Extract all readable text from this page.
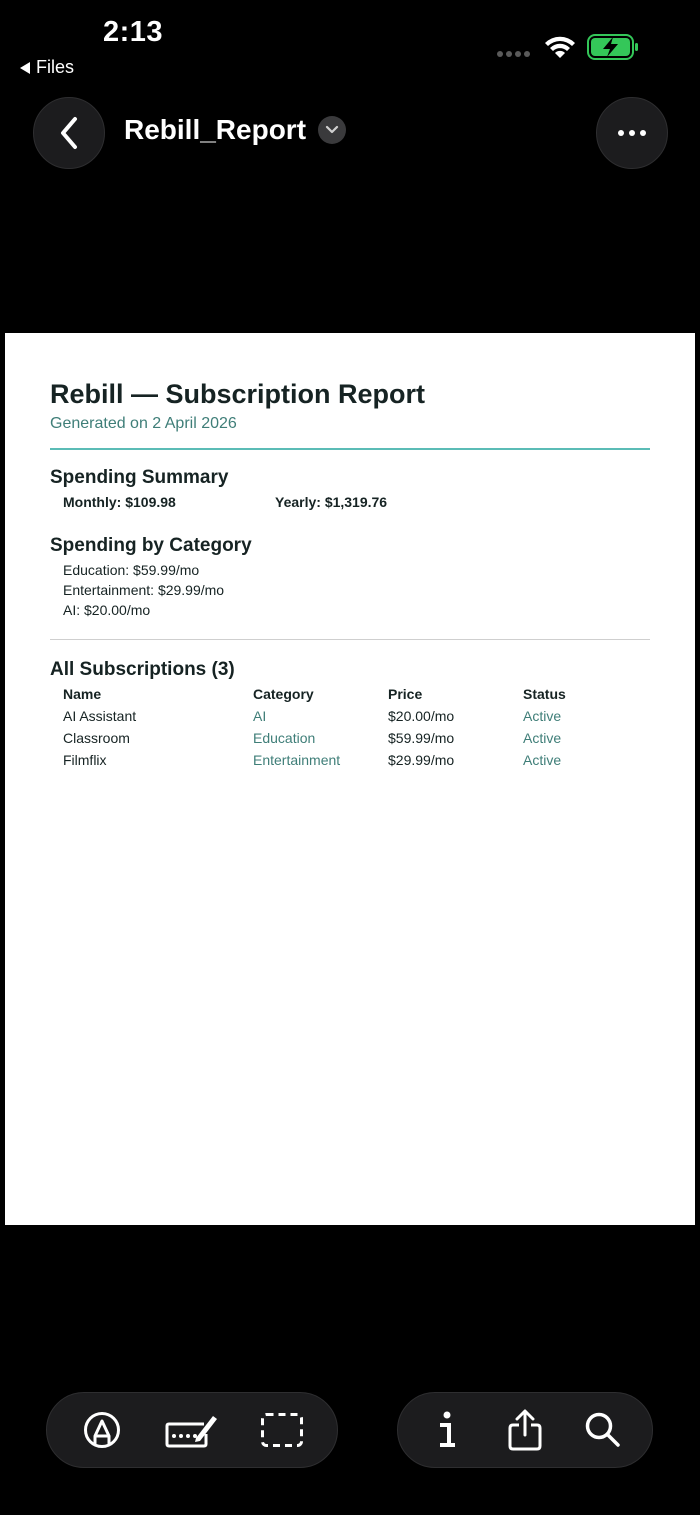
2:13
Files
Rebill_Report
Rebill — Subscription Report
Generated on 2 April 2026
Spending Summary
Monthly: $109.98	Yearly: $1,319.76
Spending by Category
Education: $59.99/mo
Entertainment: $29.99/mo
AI: $20.00/mo
All Subscriptions (3)
Name	Category	Price	Status
AI Assistant	AI	$20.00/mo	Active
Classroom	Education	$59.99/mo	Active
Filmflix	Entertainment	$29.99/mo	Active
